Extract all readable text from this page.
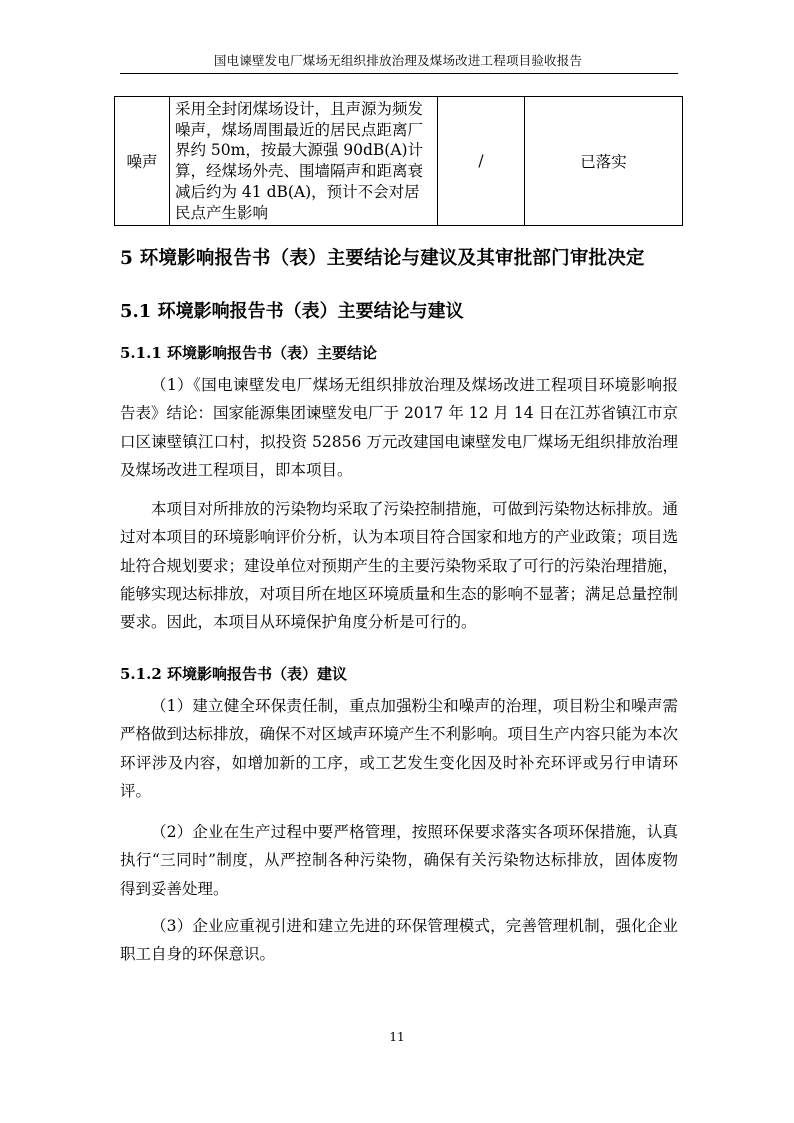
国电谏壁发电厂煤场无组织排放治理及煤场改进工程项目验收报告
噪声	采用全封闭煤场设计，且声源为频发噪声，煤场周围最近的居民点距离厂界约 50m，按最大源强 90dB(A)计算，经煤场外壳、围墙隔声和距离衰减后约为 41 dB(A)，预计不会对居民点产生影响	/	已落实
5 环境影响报告书（表）主要结论与建议及其审批部门审批决定
5.1 环境影响报告书（表）主要结论与建议
5.1.1 环境影响报告书（表）主要结论

（1）《国电谏壁发电厂煤场无组织排放治理及煤场改进工程项目环境影响报告表》结论：国家能源集团谏壁发电厂于 2017 年 12 月 14 日在江苏省镇江市京口区谏壁镇江口村，拟投资 52856 万元改建国电谏壁发电厂煤场无组织排放治理及煤场改进工程项目，即本项目。

本项目对所排放的污染物均采取了污染控制措施，可做到污染物达标排放。通过对本项目的环境影响评价分析，认为本项目符合国家和地方的产业政策；项目选址符合规划要求；建设单位对预期产生的主要污染物采取了可行的污染治理措施，能够实现达标排放，对项目所在地区环境质量和生态的影响不显著；满足总量控制要求。因此，本项目从环境保护角度分析是可行的。

5.1.2 环境影响报告书（表）建议

（1）建立健全环保责任制，重点加强粉尘和噪声的治理，项目粉尘和噪声需严格做到达标排放，确保不对区域声环境产生不利影响。项目生产内容只能为本次环评涉及内容，如增加新的工序，或工艺发生变化因及时补充环评或另行申请环评。

（2）企业在生产过程中要严格管理，按照环保要求落实各项环保措施，认真执行“三同时”制度，从严控制各种污染物，确保有关污染物达标排放，固体废物得到妥善处理。

（3）企业应重视引进和建立先进的环保管理模式，完善管理机制，强化企业职工自身的环保意识。

11
